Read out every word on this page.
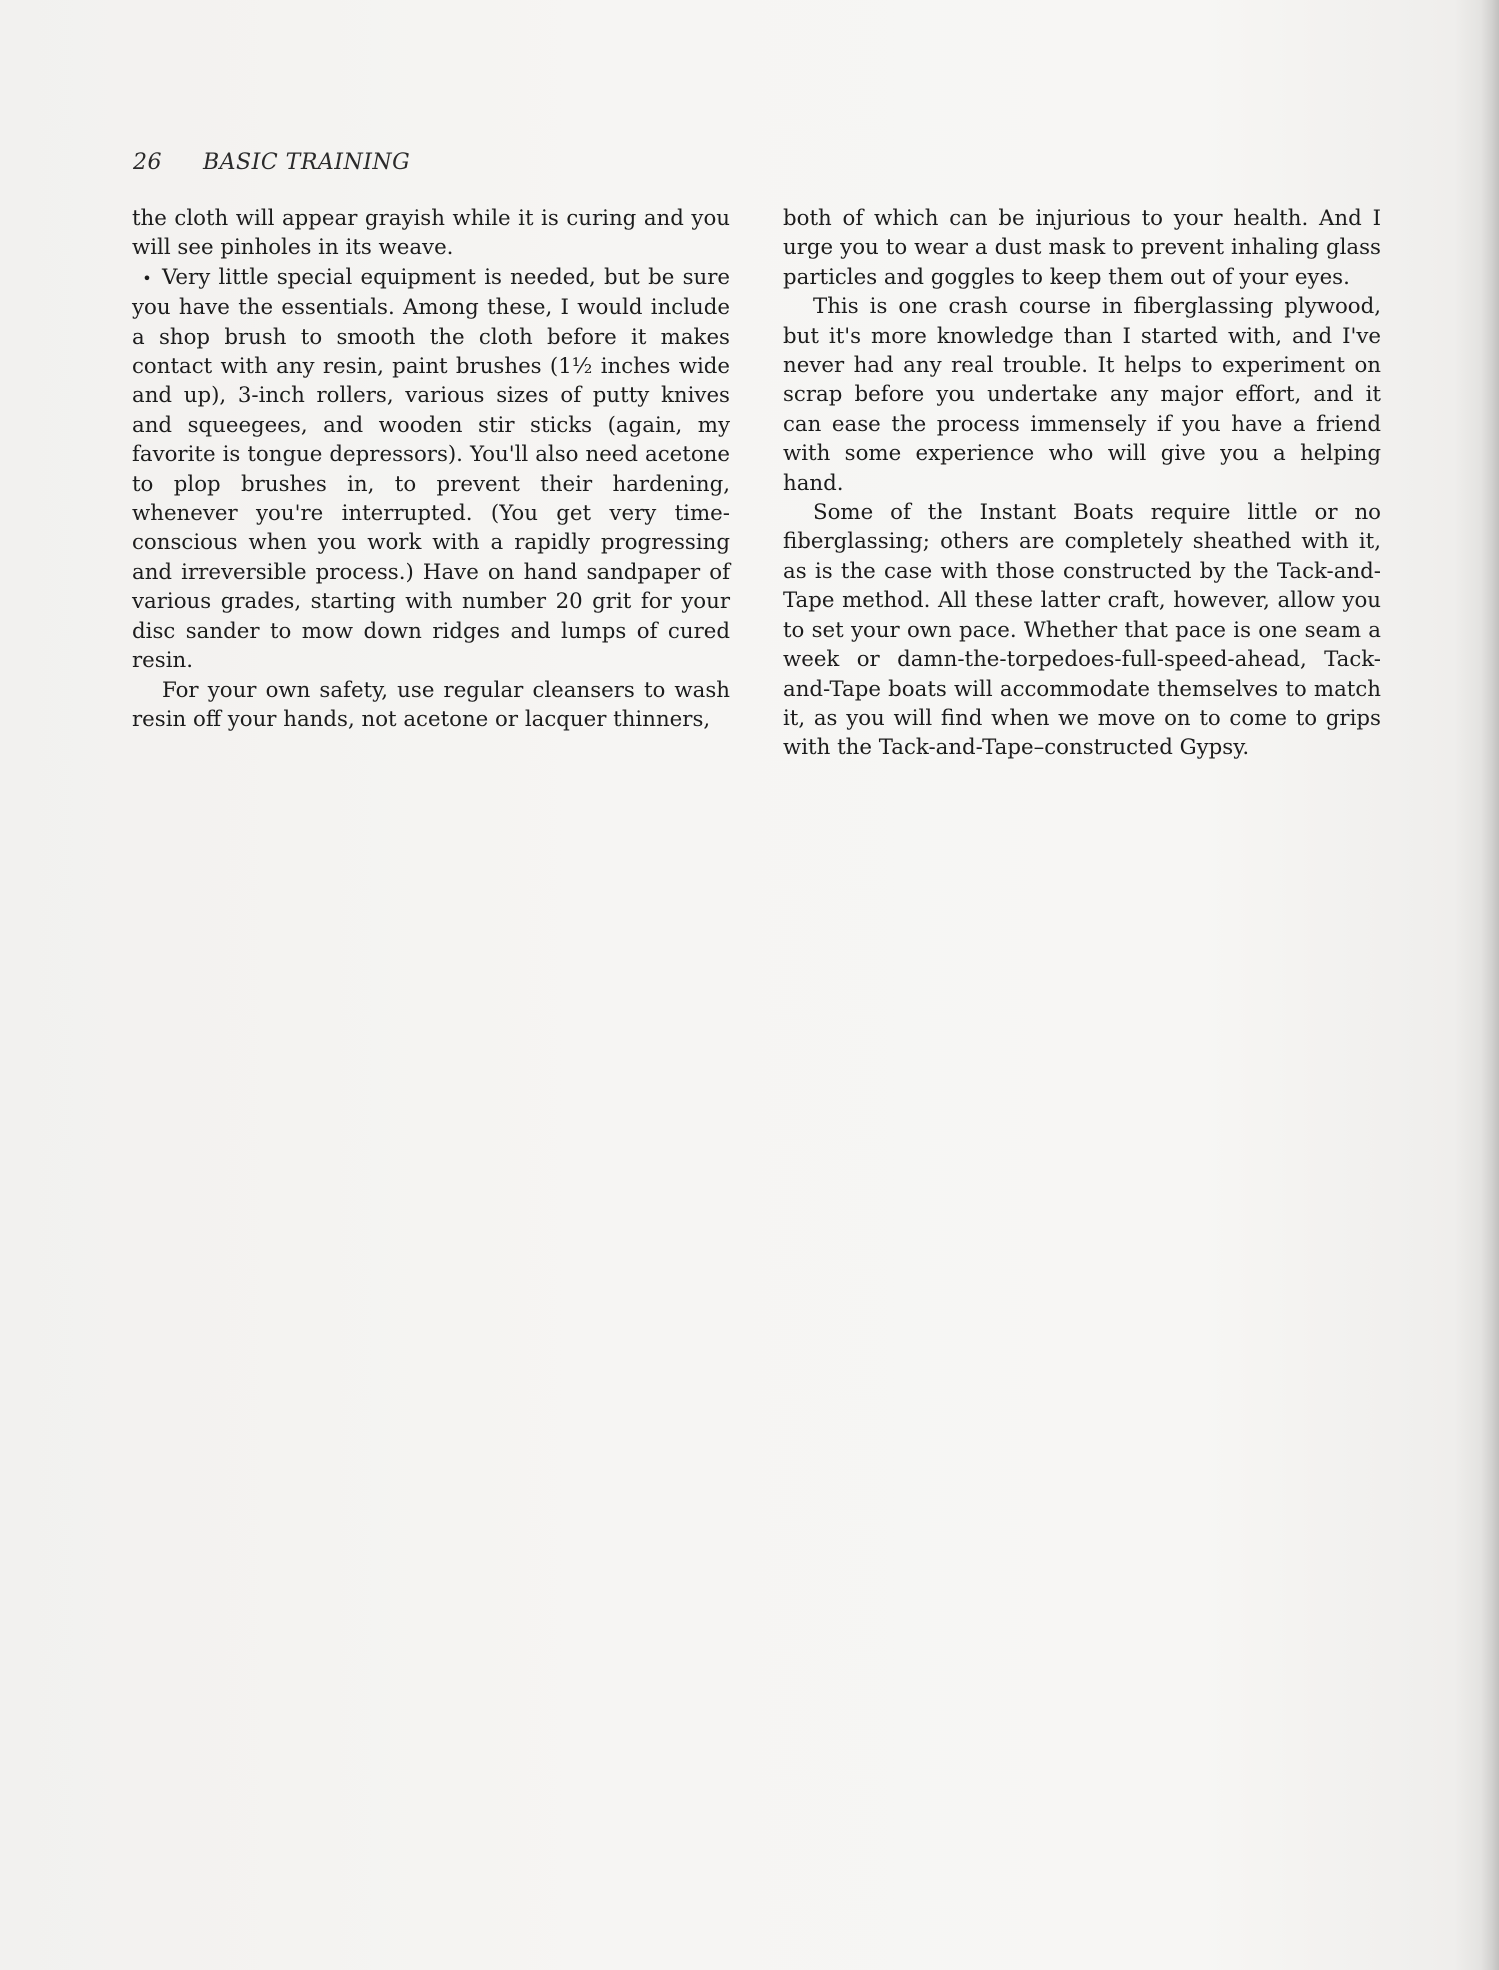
26 BASIC TRAINING

the cloth will appear grayish while it is curing and you will see pinholes in its weave.

• Very little special equipment is needed, but be sure you have the essentials. Among these, I would include a shop brush to smooth the cloth before it makes contact with any resin, paint brushes (1½ inches wide and up), 3-inch rollers, various sizes of putty knives and squeegees, and wooden stir sticks (again, my favorite is tongue depressors). You'll also need acetone to plop brushes in, to prevent their hardening, whenever you're interrupted. (You get very time-conscious when you work with a rapidly progressing and irreversible process.) Have on hand sandpaper of various grades, starting with number 20 grit for your disc sander to mow down ridges and lumps of cured resin.

For your own safety, use regular cleansers to wash resin off your hands, not acetone or lacquer thinners,

both of which can be injurious to your health. And I urge you to wear a dust mask to prevent inhaling glass particles and goggles to keep them out of your eyes.

This is one crash course in fiberglassing plywood, but it's more knowledge than I started with, and I've never had any real trouble. It helps to experiment on scrap before you undertake any major effort, and it can ease the process immensely if you have a friend with some experience who will give you a helping hand.

Some of the Instant Boats require little or no fiberglassing; others are completely sheathed with it, as is the case with those constructed by the Tack-and-Tape method. All these latter craft, however, allow you to set your own pace. Whether that pace is one seam a week or damn-the-torpedoes-full-speed-ahead, Tack-and-Tape boats will accommodate themselves to match it, as you will find when we move on to come to grips with the Tack-and-Tape–constructed Gypsy.
